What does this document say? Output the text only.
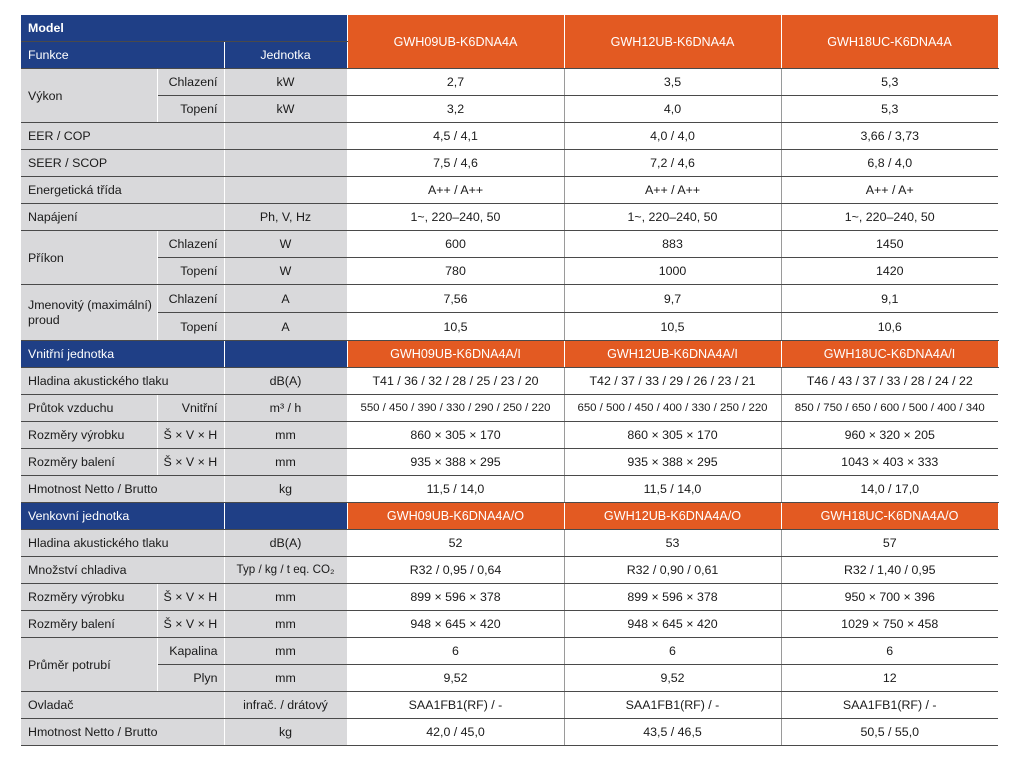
Model			GWH09UB-K6DNA4A	GWH12UB-K6DNA4A	GWH18UC-K6DNA4A
Funkce		Jednotka			
Výkon	Chlazení	kW	2,7	3,5	5,3
	Topení	kW	3,2	4,0	5,3
EER / COP			4,5 / 4,1	4,0 / 4,0	3,66 / 3,73
SEER / SCOP			7,5 / 4,6	7,2 / 4,6	6,8 / 4,0
Energetická třída			A++ / A++	A++ / A++	A++ / A+
Napájení		Ph, V, Hz	1~, 220–240, 50	1~, 220–240, 50	1~, 220–240, 50
Příkon	Chlazení	W	600	883	1450
	Topení	W	780	1000	1420
Jmenovitý (maximální) proud	Chlazení	A	7,56	9,7	9,1
	Topení	A	10,5	10,5	10,6
Vnitřní jednotka			GWH09UB-K6DNA4A/I	GWH12UB-K6DNA4A/I	GWH18UC-K6DNA4A/I
Hladina akustického tlaku		dB(A)	T41 / 36 / 32 / 28 / 25 / 23 / 20	T42 / 37 / 33 / 29 / 26 / 23 / 21	T46 / 43 / 37 / 33 / 28 / 24 / 22
Průtok vzduchu	Vnitřní	m³ / h	550 / 450 / 390 / 330 / 290 / 250 / 220	650 / 500 / 450 / 400 / 330 / 250 / 220	850 / 750 / 650 / 600 / 500 / 400 / 340
Rozměry výrobku	Š × V × H	mm	860 × 305 × 170	860 × 305 × 170	960 × 320 × 205
Rozměry balení	Š × V × H	mm	935 × 388 × 295	935 × 388 × 295	1043 × 403 × 333
Hmotnost Netto / Brutto		kg	11,5 / 14,0	11,5 / 14,0	14,0 / 17,0
Venkovní jednotka			GWH09UB-K6DNA4A/O	GWH12UB-K6DNA4A/O	GWH18UC-K6DNA4A/O
Hladina akustického tlaku		dB(A)	52	53	57
Množství chladiva		Typ / kg / t eq. CO₂	R32 / 0,95 / 0,64	R32 / 0,90 / 0,61	R32 / 1,40 / 0,95
Rozměry výrobku	Š × V × H	mm	899 × 596 × 378	899 × 596 × 378	950 × 700 × 396
Rozměry balení	Š × V × H	mm	948 × 645 × 420	948 × 645 × 420	1029 × 750 × 458
Průměr potrubí	Kapalina	mm	6	6	6
	Plyn	mm	9,52	9,52	12
Ovladač		infrač. / drátový	SAA1FB1(RF) / -	SAA1FB1(RF) / -	SAA1FB1(RF) / -
Hmotnost Netto / Brutto		kg	42,0 / 45,0	43,5 / 46,5	50,5 / 55,0
